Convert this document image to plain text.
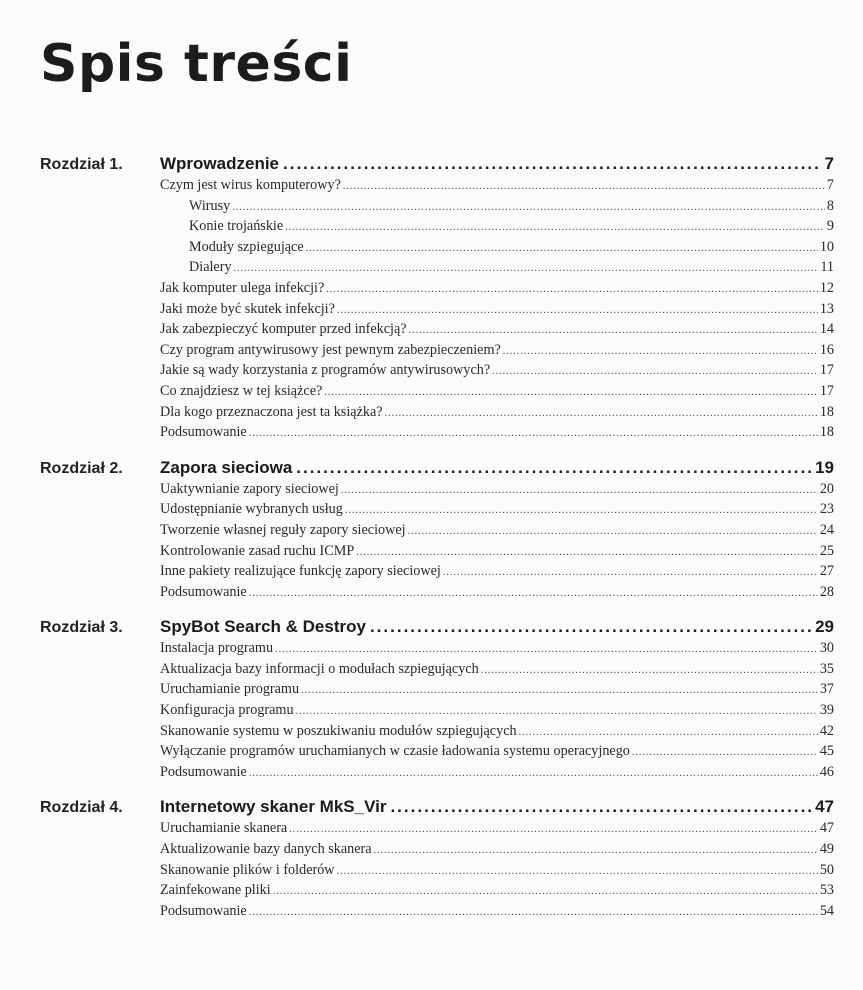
Spis treści
Rozdział 1. Wprowadzenie .....	7
Czym jest wirus komputerowy? .....	7
Wirusy .....	8
Konie trojańskie .....	9
Moduły szpiegujące .....	10
Dialery .....	11
Jak komputer ulega infekcji? .....	12
Jaki może być skutek infekcji? .....	13
Jak zabezpieczyć komputer przed infekcją? .....	14
Czy program antywirusowy jest pewnym zabezpieczeniem? .....	16
Jakie są wady korzystania z programów antywirusowych? .....	17
Co znajdziesz w tej książce? .....	17
Dla kogo przeznaczona jest ta książka? .....	18
Podsumowanie .....	18
Rozdział 2. Zapora sieciowa .....	19
Uaktywnianie zapory sieciowej .....	20
Udostępnianie wybranych usług .....	23
Tworzenie własnej reguły zapory sieciowej .....	24
Kontrolowanie zasad ruchu ICMP .....	25
Inne pakiety realizujące funkcję zapory sieciowej .....	27
Podsumowanie .....	28
Rozdział 3. SpyBot Search & Destroy .....	29
Instalacja programu .....	30
Aktualizacja bazy informacji o modułach szpiegujących .....	35
Uruchamianie programu .....	37
Konfiguracja programu .....	39
Skanowanie systemu w poszukiwaniu modułów szpiegujących .....	42
Wyłączanie programów uruchamianych w czasie ładowania systemu operacyjnego .....	45
Podsumowanie .....	46
Rozdział 4. Internetowy skaner MkS_Vir .....	47
Uruchamianie skanera .....	47
Aktualizowanie bazy danych skanera .....	49
Skanowanie plików i folderów .....	50
Zainfekowane pliki .....	53
Podsumowanie .....	54
